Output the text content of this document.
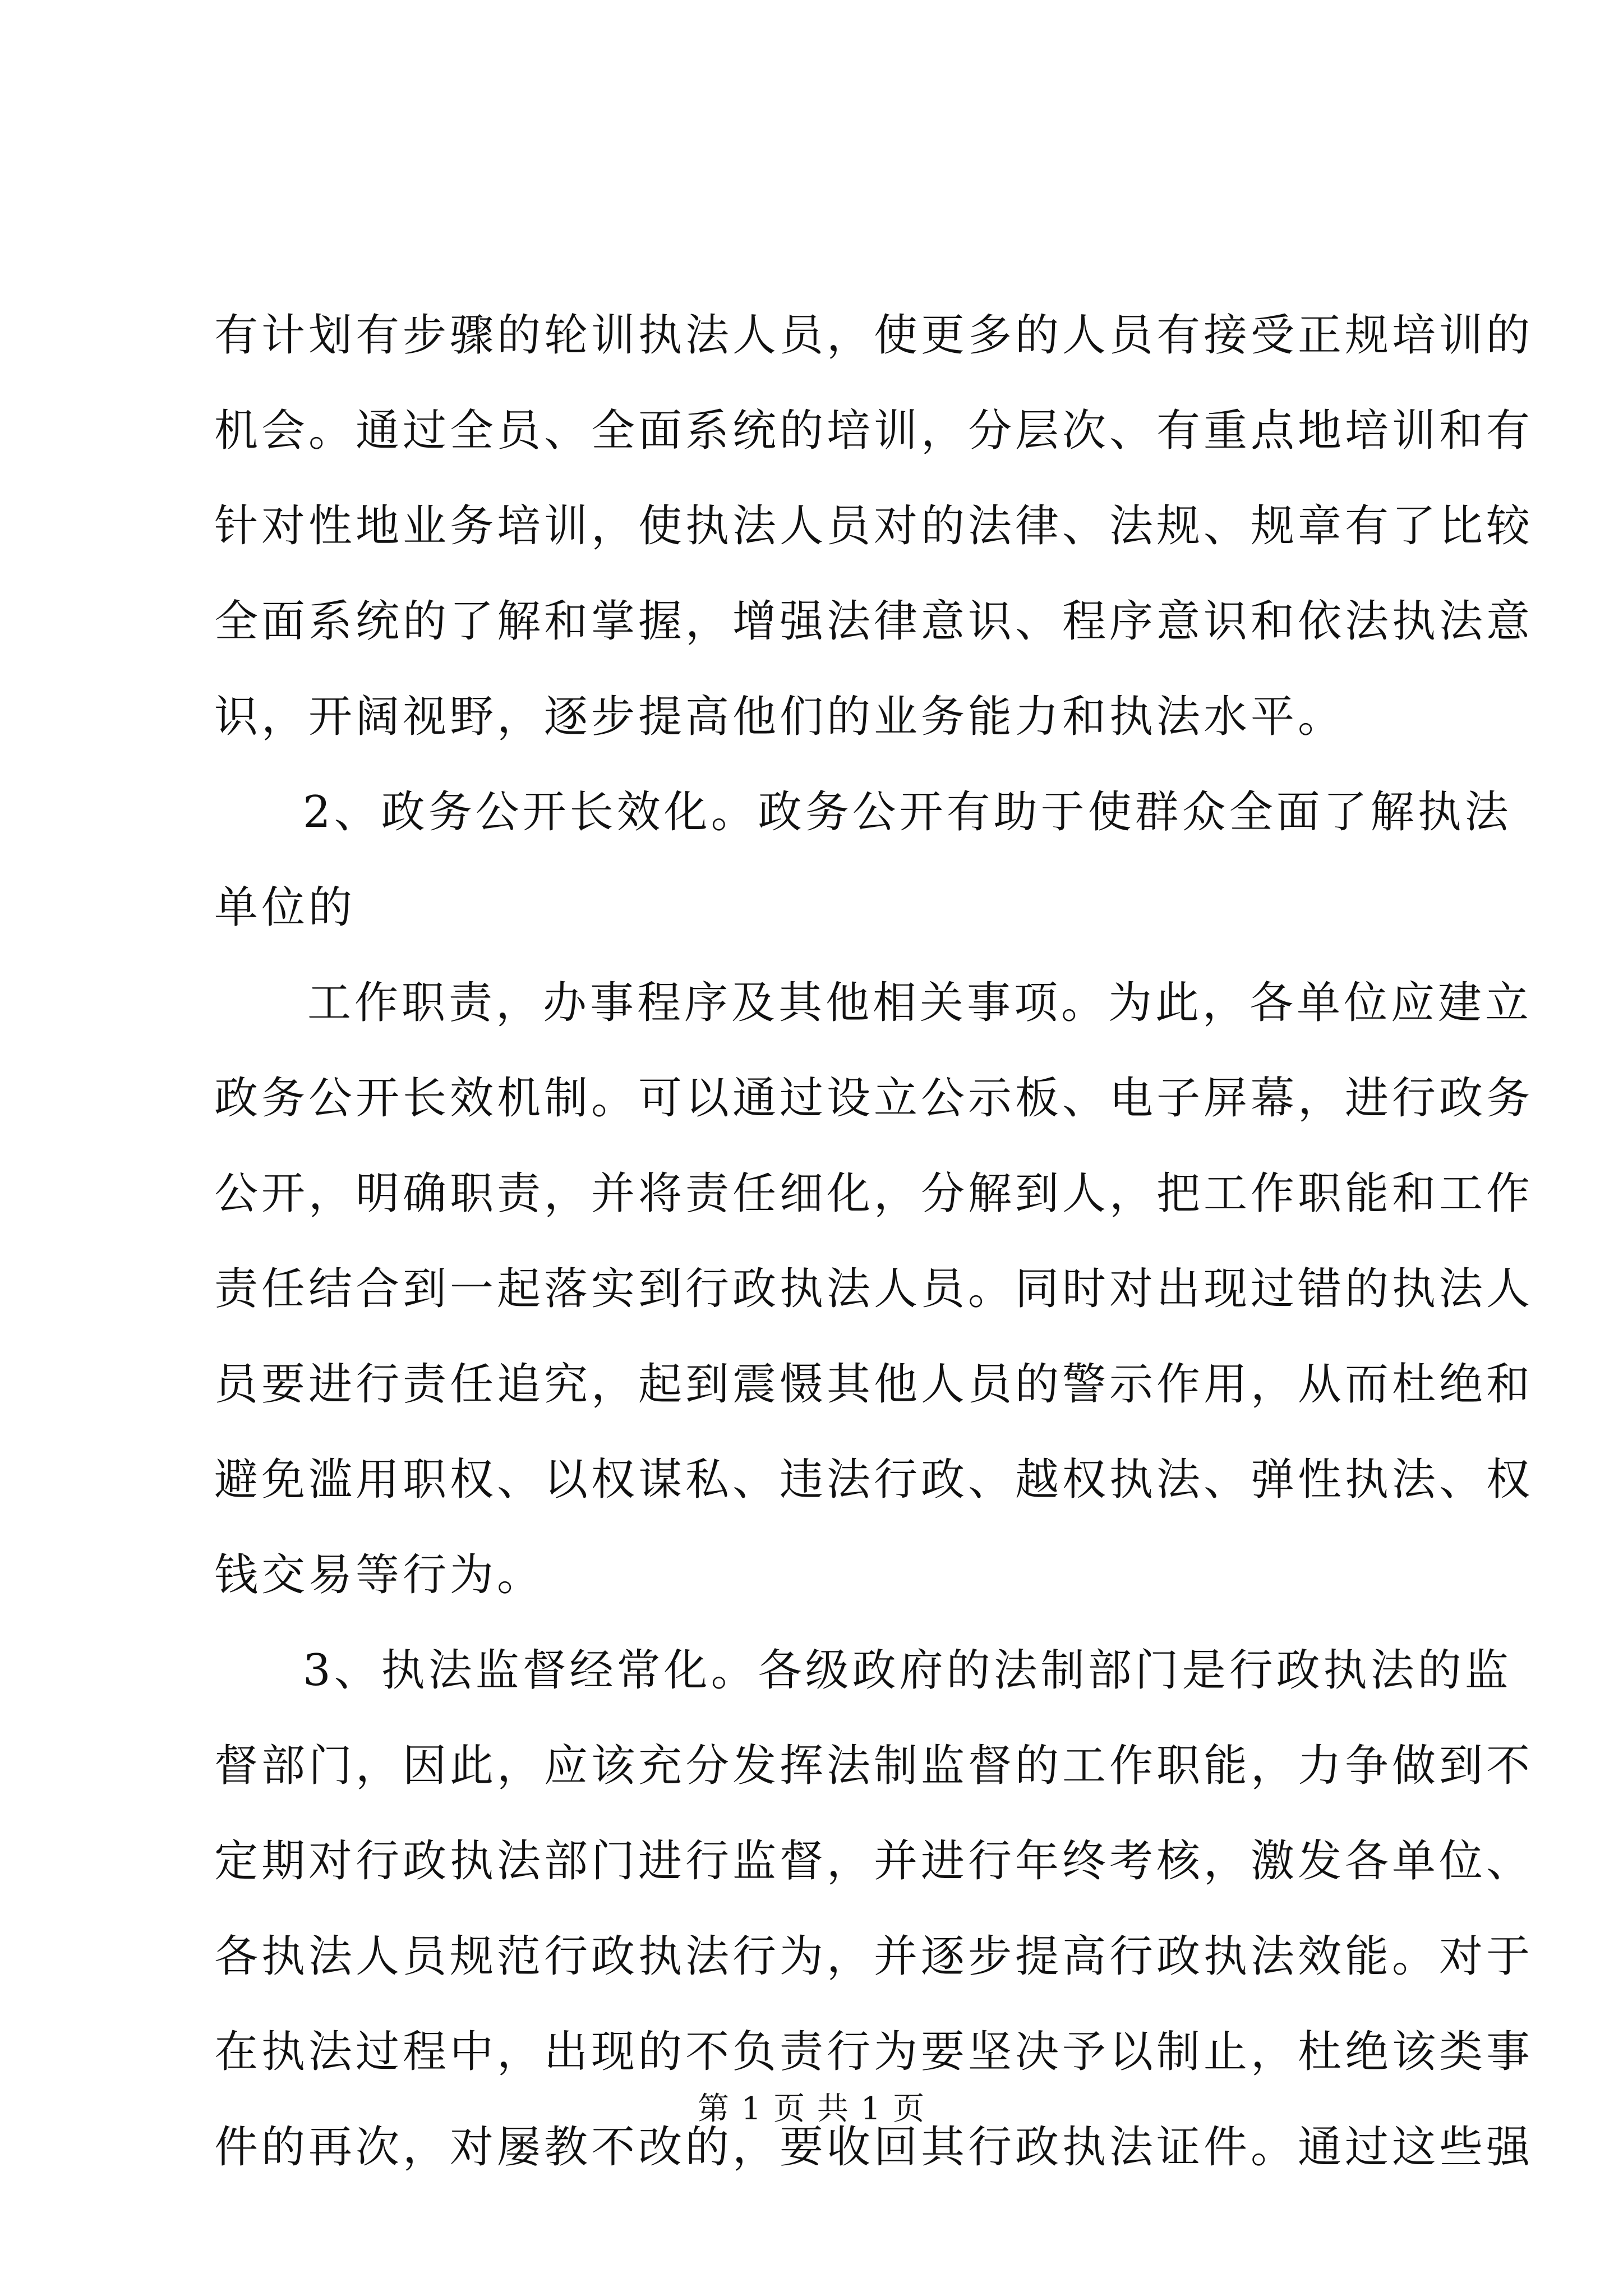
有计划有步骤的轮训执法人员，使更多的人员有接受正规培训的
机会。通过全员、全面系统的培训，分层次、有重点地培训和有
针对性地业务培训，使执法人员对的法律、法规、规章有了比较
全面系统的了解和掌握，增强法律意识、程序意识和依法执法意
识，开阔视野，逐步提高他们的业务能力和执法水平。
2、政务公开长效化。政务公开有助于使群众全面了解执法
单位的
工作职责，办事程序及其他相关事项。为此，各单位应建立
政务公开长效机制。可以通过设立公示板、电子屏幕，进行政务
公开，明确职责，并将责任细化，分解到人，把工作职能和工作
责任结合到一起落实到行政执法人员。同时对出现过错的执法人
员要进行责任追究，起到震慑其他人员的警示作用，从而杜绝和
避免滥用职权、以权谋私、违法行政、越权执法、弹性执法、权
钱交易等行为。
3、执法监督经常化。各级政府的法制部门是行政执法的监
督部门，因此，应该充分发挥法制监督的工作职能，力争做到不
定期对行政执法部门进行监督，并进行年终考核，激发各单位、
各执法人员规范行政执法行为，并逐步提高行政执法效能。对于
在执法过程中，出现的不负责行为要坚决予以制止，杜绝该类事
件的再次，对屡教不改的，要收回其行政执法证件。通过这些强
第 1 页 共 1 页
